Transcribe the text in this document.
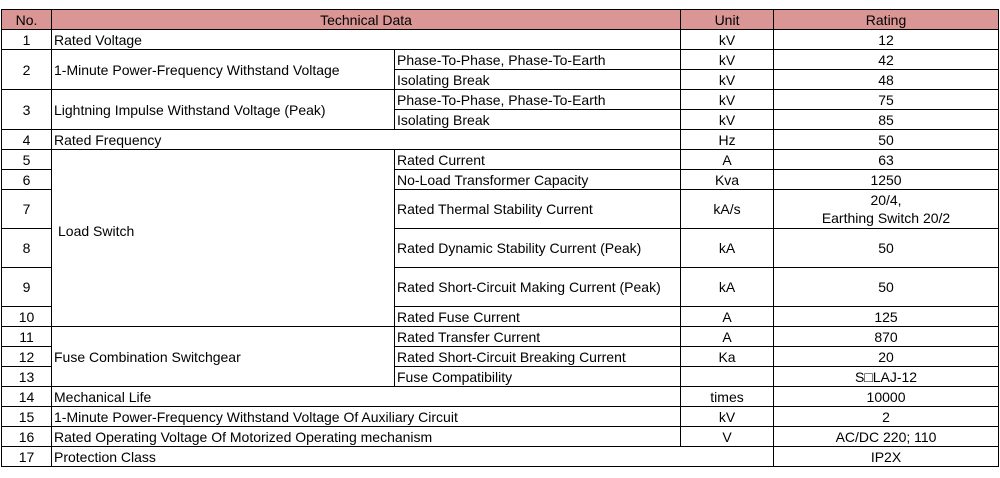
No.	Technical Data		Unit	Rating
1	Rated Voltage		kV	12
2	1-Minute Power-Frequency Withstand Voltage	Phase-To-Phase, Phase-To-Earth	kV	42
		Isolating Break	kV	48
3	Lightning Impulse Withstand Voltage (Peak)	Phase-To-Phase, Phase-To-Earth	kV	75
		Isolating Break	kV	85
4	Rated Frequency		Hz	50
5	Load Switch	Rated Current	A	63
6		No-Load Transformer Capacity	Kva	1250
7		Rated Thermal Stability Current	kA/s	20/4,
Earthing Switch 20/2

8		Rated Dynamic Stability Current (Peak)	kA	50
9		Rated Short-Circuit Making Current (Peak)	kA	50
10		Rated Fuse Current	A	125
11	Fuse Combination Switchgear	Rated Transfer Current	A	870
12		Rated Short-Circuit Breaking Current	Ka	20
13		Fuse Compatibility		S□LAJ-12
14	Mechanical Life		times	10000
15	1-Minute Power-Frequency Withstand Voltage Of Auxiliary Circuit		kV	2
16	Rated Operating Voltage Of Motorized Operating mechanism		V	AC/DC 220; 110
17	Protection Class			IP2X
